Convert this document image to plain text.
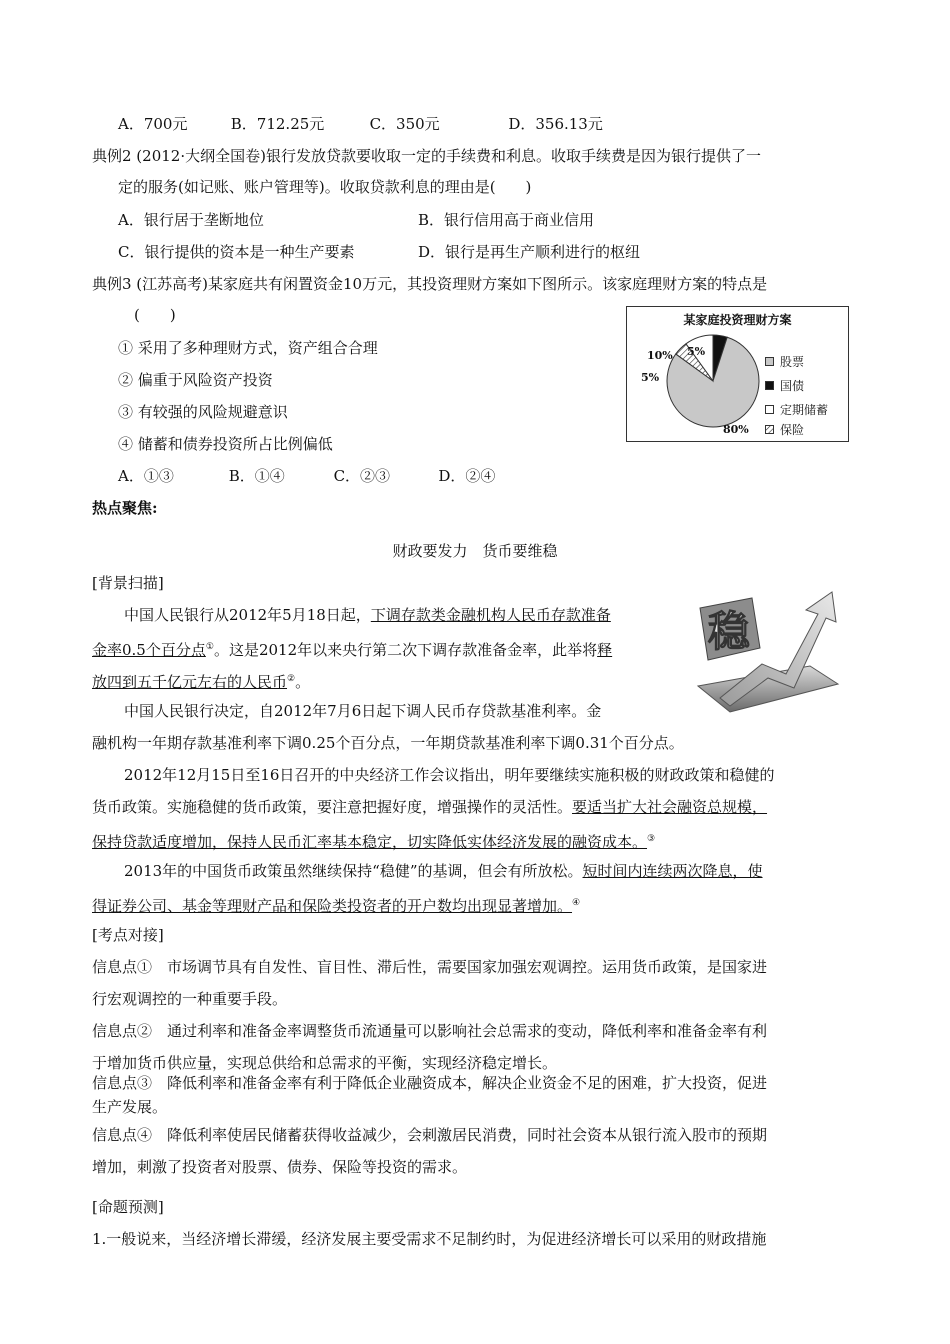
A．700元	B．712.25元	C．350元	D．356.13元
典例2 (2012·大纲全国卷)银行发放贷款要收取一定的手续费和利息。收取手续费是因为银行提供了一
定的服务(如记账、账户管理等)。收取贷款利息的理由是(　　)
A．银行居于垄断地位	B．银行信用高于商业信用
C．银行提供的资本是一种生产要素	D．银行是再生产顺利进行的枢纽
典例3 (江苏高考)某家庭共有闲置资金10万元，其投资理财方案如下图所示。该家庭理财方案的特点是
(　　)
① 采用了多种理财方式，资产组合合理
② 偏重于风险资产投资
③ 有较强的风险规避意识
④ 储蓄和债券投资所占比例偏低
A．①③	B．①④	C．②③	D．②④
某家庭投资理财方案
10% 5%
5%
80%
股票
国债
定期储蓄
保险
热点聚焦:
财政要发力　货币要维稳
[背景扫描]
中国人民银行从2012年5月18日起，下调存款类金融机构人民币存款准备
金率0.5个百分点①。这是2012年以来央行第二次下调存款准备金率，此举将释
放四到五千亿元左右的人民币②。
稳
中国人民银行决定，自2012年7月6日起下调人民币存贷款基准利率。金
融机构一年期存款基准利率下调0.25个百分点，一年期贷款基准利率下调0.31个百分点。
2012年12月15日至16日召开的中央经济工作会议指出，明年要继续实施积极的财政政策和稳健的
货币政策。实施稳健的货币政策，要注意把握好度，增强操作的灵活性。要适当扩大社会融资总规模，
保持贷款适度增加，保持人民币汇率基本稳定，切实降低实体经济发展的融资成本。③
2013年的中国货币政策虽然继续保持“稳健”的基调，但会有所放松。短时间内连续两次降息，使
得证券公司、基金等理财产品和保险类投资者的开户数均出现显著增加。④
[考点对接]
信息点①　市场调节具有自发性、盲目性、滞后性，需要国家加强宏观调控。运用货币政策，是国家进
行宏观调控的一种重要手段。
信息点②　通过利率和准备金率调整货币流通量可以影响社会总需求的变动，降低利率和准备金率有利
于增加货币供应量，实现总供给和总需求的平衡，实现经济稳定增长。
信息点③　降低利率和准备金率有利于降低企业融资成本，解决企业资金不足的困难，扩大投资，促进
生产发展。
信息点④　降低利率使居民储蓄获得收益减少，会刺激居民消费，同时社会资本从银行流入股市的预期
增加，刺激了投资者对股票、债券、保险等投资的需求。
[命题预测]
1.一般说来，当经济增长滞缓，经济发展主要受需求不足制约时，为促进经济增长可以采用的财政措施
